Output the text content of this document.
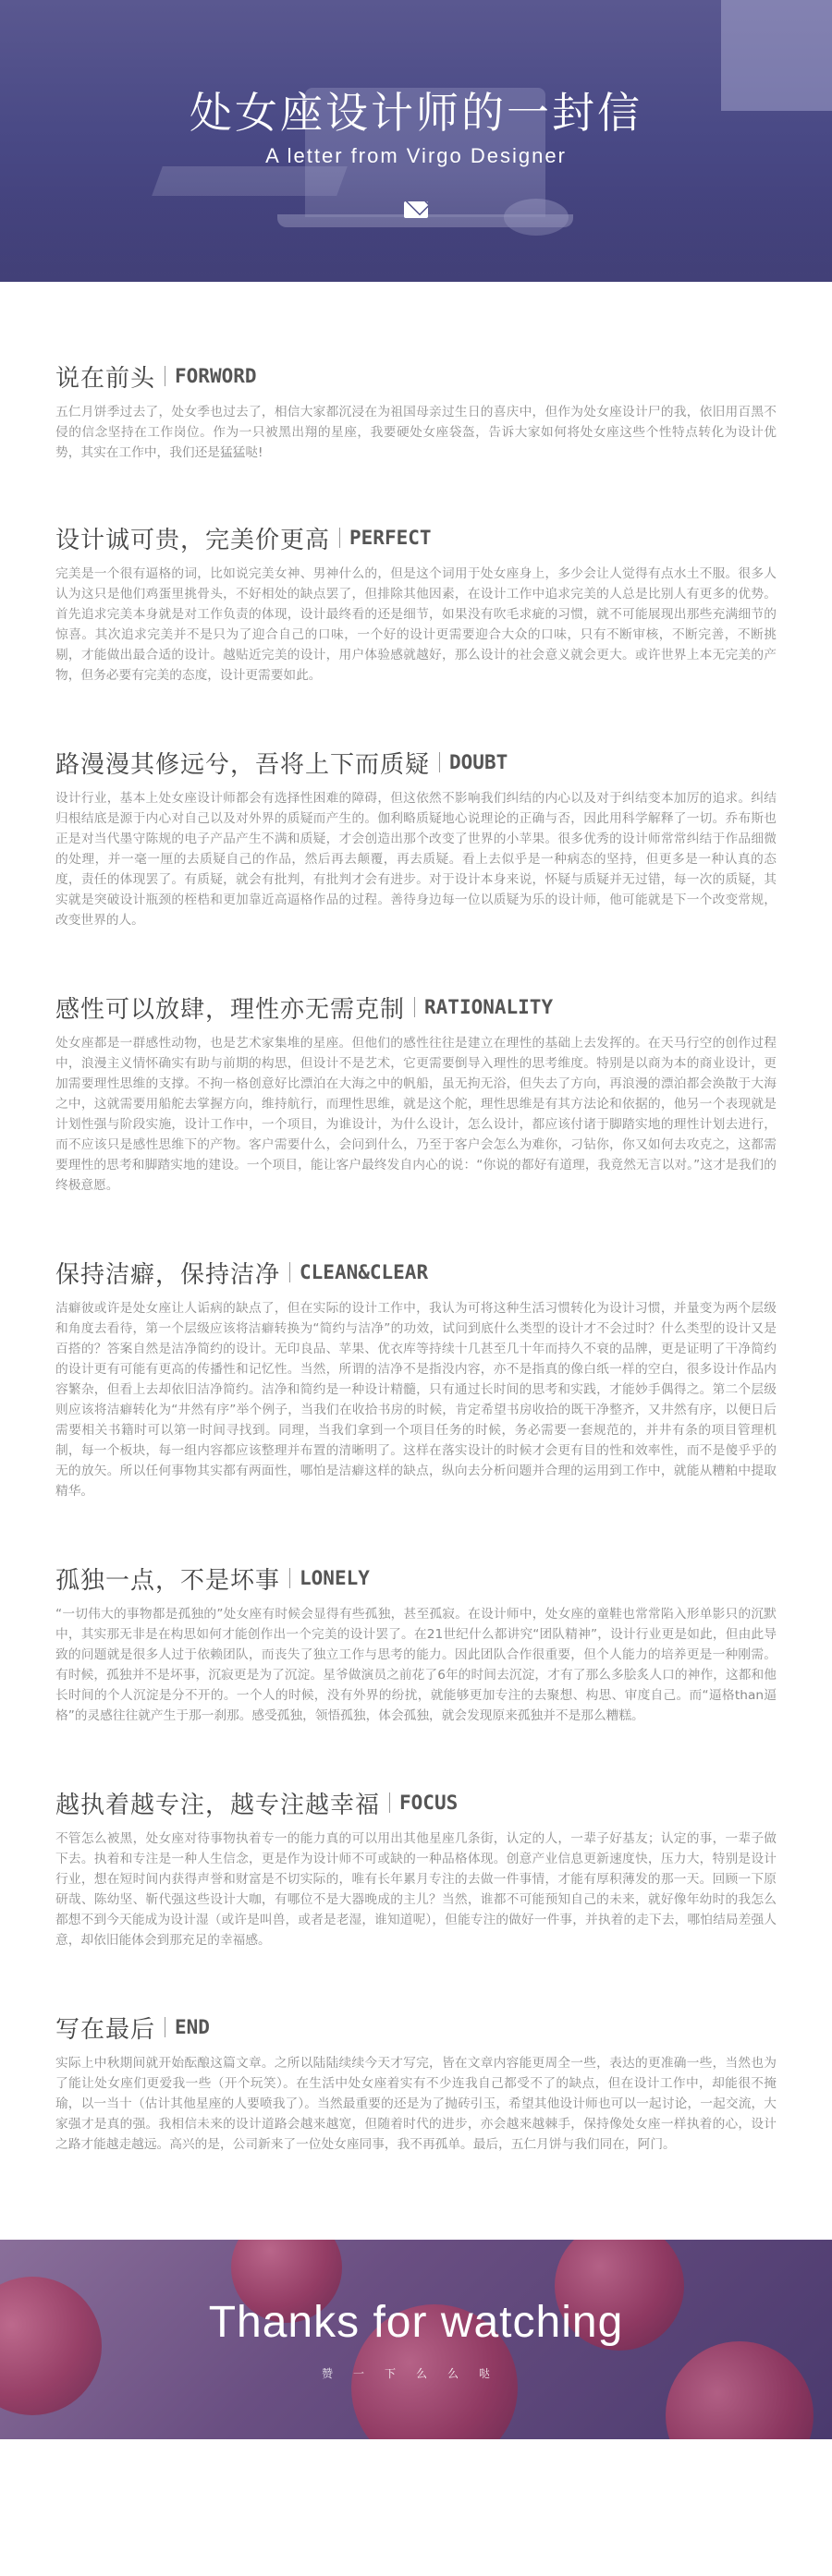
处女座设计师的一封信
A letter from Virgo Designer
说在前头 FORWORD

五仁月饼季过去了，处女季也过去了，相信大家都沉浸在为祖国母亲过生日的喜庆中，但作为处女座设计尸的我，依旧用百黑不侵的信念坚持在工作岗位。作为一只被黑出翔的星座，我要硬处女座袋盔，告诉大家如何将处女座这些个性特点转化为设计优势，其实在工作中，我们还是猛猛哒!

设计诚可贵，完美价更高 PERFECT

完美是一个很有逼格的词，比如说完美女神、男神什么的，但是这个词用于处女座身上，多少会让人觉得有点水土不服。很多人认为这只是他们鸡蛋里挑骨头，不好相处的缺点罢了，但排除其他因素，在设计工作中追求完美的人总是比别人有更多的优势。首先追求完美本身就是对工作负责的体现，设计最终看的还是细节，如果没有吹毛求疵的习惯，就不可能展现出那些充满细节的惊喜。其次追求完美并不是只为了迎合自己的口味，一个好的设计更需要迎合大众的口味，只有不断审核，不断完善，不断挑剔，才能做出最合适的设计。越贴近完美的设计，用户体验感就越好，那么设计的社会意义就会更大。或许世界上本无完美的产物，但务必要有完美的态度，设计更需要如此。

路漫漫其修远兮，吾将上下而质疑 DOUBT

设计行业，基本上处女座设计师都会有选择性困难的障碍，但这依然不影响我们纠结的内心以及对于纠结变本加厉的追求。纠结归根结底是源于内心对自己以及对外界的质疑而产生的。伽利略质疑地心说理论的正确与否，因此用科学解释了一切。乔布斯也正是对当代墨守陈规的电子产品产生不满和质疑，才会创造出那个改变了世界的小苹果。很多优秀的设计师常常纠结于作品细微的处理，并一毫一厘的去质疑自己的作品，然后再去颠覆，再去质疑。看上去似乎是一种病态的坚持，但更多是一种认真的态度，责任的体现罢了。有质疑，就会有批判，有批判才会有进步。对于设计本身来说，怀疑与质疑并无过错，每一次的质疑，其实就是突破设计瓶颈的桎梏和更加靠近高逼格作品的过程。善待身边每一位以质疑为乐的设计师，他可能就是下一个改变常规，改变世界的人。

感性可以放肆，理性亦无需克制 RATIONALITY

处女座都是一群感性动物，也是艺术家集堆的星座。但他们的感性往往是建立在理性的基础上去发挥的。在天马行空的创作过程中，浪漫主义情怀确实有助与前期的构思，但设计不是艺术，它更需要倒导入理性的思考维度。特别是以商为本的商业设计，更加需要理性思维的支撑。不拘一格创意好比漂泊在大海之中的帆船，虽无拘无浴，但失去了方向，再浪漫的漂泊都会涣散于大海之中，这就需要用船舵去掌握方向，维持航行，而理性思维，就是这个舵，理性思维是有其方法论和依据的，他另一个表现就是计划性强与阶段实施，设计工作中，一个项目，为谁设计，为什么设计，怎么设计，都应该付诸于脚踏实地的理性计划去进行，而不应该只是感性思维下的产物。客户需要什么，会问到什么，乃至于客户会怎么为难你，刁钻你，你又如何去攻克之，这都需要理性的思考和脚踏实地的建设。一个项目，能让客户最终发自内心的说：“你说的都好有道理，我竟然无言以对。”这才是我们的终极意愿。

保持洁癖，保持洁净 CLEAN&CLEAR

洁癖彼或许是处女座让人诟病的缺点了，但在实际的设计工作中，我认为可将这种生活习惯转化为设计习惯，并量变为两个层级和角度去看待，第一个层级应该将洁癖转换为“简约与洁净”的功效，试问到底什么类型的设计才不会过时？什么类型的设计又是百搭的？答案自然是洁净简约的设计。无印良品、苹果、优衣库等持续十几甚至几十年而持久不衰的品牌，更是证明了干净简约的设计更有可能有更高的传播性和记忆性。当然，所谓的洁净不是指没内容，亦不是指真的像白纸一样的空白，很多设计作品内容繁杂，但看上去却依旧洁净简约。洁净和简约是一种设计精髓，只有通过长时间的思考和实践，才能妙手偶得之。第二个层级则应该将洁癖转化为“井然有序”举个例子，当我们在收拾书房的时候，肯定希望书房收拾的既干净整齐，又井然有序，以便日后需要相关书籍时可以第一时间寻找到。同理，当我们拿到一个项目任务的时候，务必需要一套规范的，并井有条的项目管理机制，每一个板块，每一组内容都应该整理并布置的清晰明了。这样在落实设计的时候才会更有目的性和效率性，而不是傻乎乎的无的放矢。所以任何事物其实都有两面性，哪怕是洁癖这样的缺点，纵向去分析问题并合理的运用到工作中，就能从糟粕中提取精华。

孤独一点，不是坏事 LONELY

“一切伟大的事物都是孤独的”处女座有时候会显得有些孤独，甚至孤寂。在设计师中，处女座的童鞋也常常陷入形单影只的沉默中，其实那无非是在构思如何才能创作出一个完美的设计罢了。在21世纪什么都讲究“团队精神”，设计行业更是如此，但由此导致的问题就是很多人过于依赖团队，而丧失了独立工作与思考的能力。因此团队合作很重要，但个人能力的培养更是一种刚需。有时候，孤独并不是坏事，沉寂更是为了沉淀。星爷做演员之前花了6年的时间去沉淀，才有了那么多脍炙人口的神作，这都和他长时间的个人沉淀是分不开的。一个人的时候，没有外界的纷扰，就能够更加专注的去聚想、构思、审度自己。而“逼格than逼格”的灵感往往就产生于那一刹那。感受孤独，领悟孤独，体会孤独，就会发现原来孤独并不是那么糟糕。

越执着越专注，越专注越幸福 FOCUS

不管怎么被黑，处女座对待事物执着专一的能力真的可以用出其他星座几条街，认定的人，一辈子好基友；认定的事，一辈子做下去。执着和专注是一种人生信念，更是作为设计师不可或缺的一种品格体现。创意产业信息更新速度快，压力大，特别是设计行业，想在短时间内获得声誉和财富是不切实际的，唯有长年累月专注的去做一件事情，才能有厚积薄发的那一天。回顾一下原研哉、陈幼坚、靳代强这些设计大咖，有哪位不是大器晚成的主儿？当然，谁都不可能预知自己的未来，就好像年幼时的我怎么都想不到今天能成为设计湿（或许是叫兽，或者是老湿，谁知道呢），但能专注的做好一件事，并执着的走下去，哪怕结局差强人意，却依旧能体会到那充足的幸福感。

写在最后 END

实际上中秋期间就开始酝酿这篇文章。之所以陆陆续续今天才写完，皆在文章内容能更周全一些，表达的更准确一些，当然也为了能让处女座们更爱我一些（开个玩笑）。在生活中处女座着实有不少连我自己都受不了的缺点，但在设计工作中，却能很不掩瑜，以一当十（估计其他星座的人要喷我了）。当然最重要的还是为了抛砖引玉，希望其他设计师也可以一起讨论，一起交流，大家强才是真的强。我相信未来的设计道路会越来越宽，但随着时代的进步，亦会越来越棘手，保持像处女座一样执着的心，设计之路才能越走越远。高兴的是，公司新来了一位处女座同事，我不再孤单。最后，五仁月饼与我们同在，阿门。

Thanks for watching
赞一下么么哒
